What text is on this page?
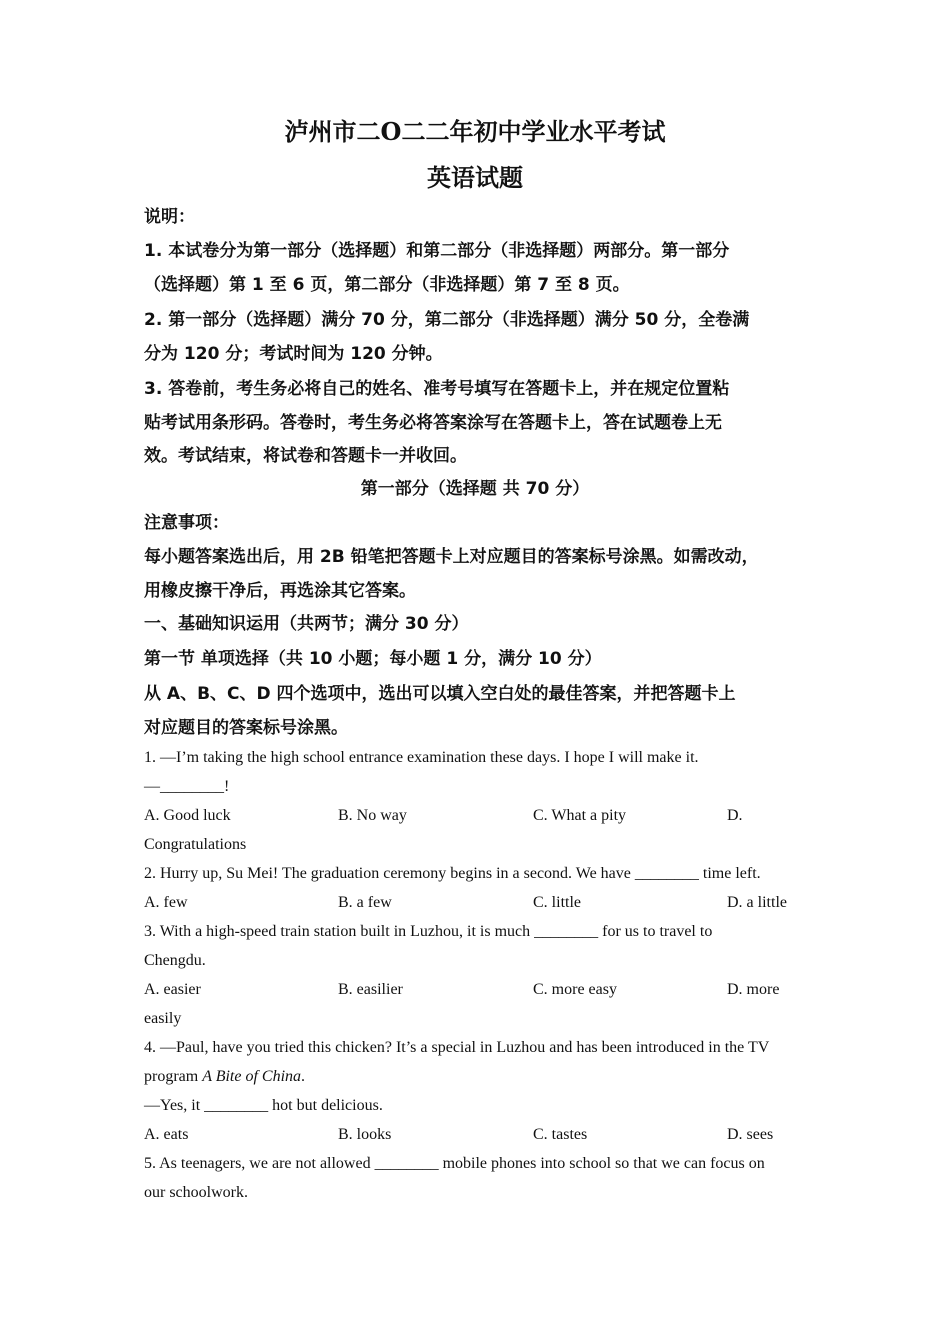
泸州市二O二二年初中学业水平考试
英语试题
说明：
1. 本试卷分为第一部分（选择题）和第二部分（非选择题）两部分。第一部分
（选择题）第 1 至 6 页，第二部分（非选择题）第 7 至 8 页。
2. 第一部分（选择题）满分 70 分，第二部分（非选择题）满分 50 分，全卷满
分为 120 分；考试时间为 120 分钟。
3. 答卷前，考生务必将自己的姓名、准考号填写在答题卡上，并在规定位置粘
贴考试用条形码。答卷时，考生务必将答案涂写在答题卡上，答在试题卷上无
效。考试结束，将试卷和答题卡一并收回。
第一部分（选择题 共 70 分）
注意事项：
每小题答案选出后，用 2B 铅笔把答题卡上对应题目的答案标号涂黑。如需改动，
用橡皮擦干净后，再选涂其它答案。
一、基础知识运用（共两节；满分 30 分）
第一节 单项选择（共 10 小题；每小题 1 分，满分 10 分）
从 A、B、C、D 四个选项中，选出可以填入空白处的最佳答案，并把答题卡上
对应题目的答案标号涂黑。
1. —I’m taking the high school entrance examination these days. I hope I will make it.
—________!
A. Good luck	B. No way	C. What a pity	D.
Congratulations
2. Hurry up, Su Mei! The graduation ceremony begins in a second. We have ________ time left.
A. few	B. a few	C. little	D. a little
3. With a high-speed train station built in Luzhou, it is much ________ for us to travel to
Chengdu.
A. easier	B. easilier	C. more easy	D. more
easily
4. —Paul, have you tried this chicken? It’s a special in Luzhou and has been introduced in the TV
program A Bite of China.
—Yes, it ________ hot but delicious.
A. eats	B. looks	C. tastes	D. sees
5. As teenagers, we are not allowed ________ mobile phones into school so that we can focus on
our schoolwork.
